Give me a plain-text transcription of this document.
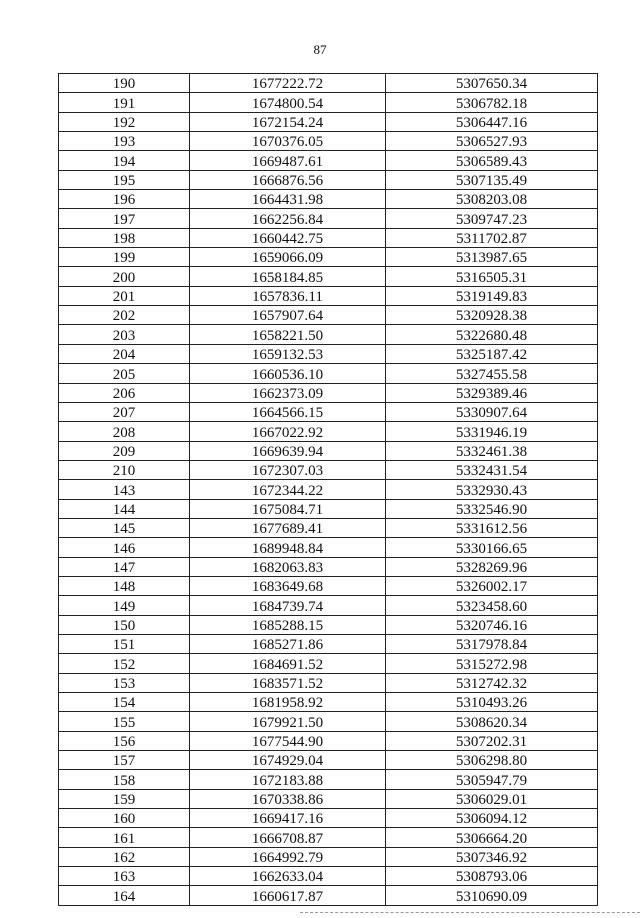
87
190	1677222.72	5307650.34
191	1674800.54	5306782.18
192	1672154.24	5306447.16
193	1670376.05	5306527.93
194	1669487.61	5306589.43
195	1666876.56	5307135.49
196	1664431.98	5308203.08
197	1662256.84	5309747.23
198	1660442.75	5311702.87
199	1659066.09	5313987.65
200	1658184.85	5316505.31
201	1657836.11	5319149.83
202	1657907.64	5320928.38
203	1658221.50	5322680.48
204	1659132.53	5325187.42
205	1660536.10	5327455.58
206	1662373.09	5329389.46
207	1664566.15	5330907.64
208	1667022.92	5331946.19
209	1669639.94	5332461.38
210	1672307.03	5332431.54
143	1672344.22	5332930.43
144	1675084.71	5332546.90
145	1677689.41	5331612.56
146	1689948.84	5330166.65
147	1682063.83	5328269.96
148	1683649.68	5326002.17
149	1684739.74	5323458.60
150	1685288.15	5320746.16
151	1685271.86	5317978.84
152	1684691.52	5315272.98
153	1683571.52	5312742.32
154	1681958.92	5310493.26
155	1679921.50	5308620.34
156	1677544.90	5307202.31
157	1674929.04	5306298.80
158	1672183.88	5305947.79
159	1670338.86	5306029.01
160	1669417.16	5306094.12
161	1666708.87	5306664.20
162	1664992.79	5307346.92
163	1662633.04	5308793.06
164	1660617.87	5310690.09
